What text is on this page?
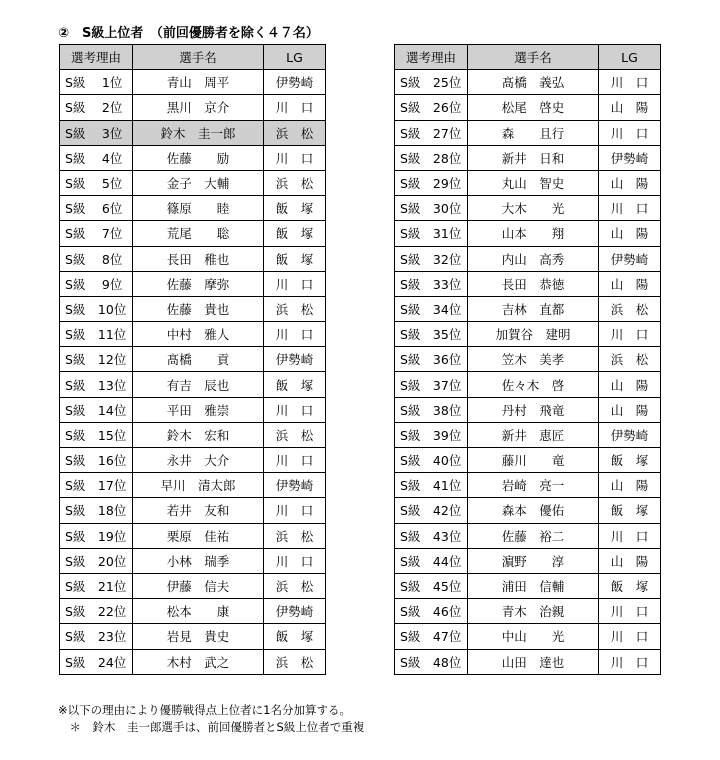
②　S級上位者　（前回優勝者を除く４７名）
選考理由	選手名	LG
S級　 1位	青山　周平	伊勢崎
S級　 2位	黒川　京介	川　口
S級　 3位	鈴木　圭一郎	浜　松
S級　 4位	佐藤　　励	川　口
S級　 5位	金子　大輔	浜　松
S級　 6位	篠原　　睦	飯　塚
S級　 7位	荒尾　　聡	飯　塚
S級　 8位	長田　稚也	飯　塚
S級　 9位	佐藤　摩弥	川　口
S級　10位	佐藤　貴也	浜　松
S級　11位	中村　雅人	川　口
S級　12位	髙橋　　貢	伊勢崎
S級　13位	有吉　辰也	飯　塚
S級　14位	平田　雅崇	川　口
S級　15位	鈴木　宏和	浜　松
S級　16位	永井　大介	川　口
S級　17位	早川　清太郎	伊勢崎
S級　18位	若井　友和	川　口
S級　19位	栗原　佳祐	浜　松
S級　20位	小林　瑞季	川　口
S級　21位	伊藤　信夫	浜　松
S級　22位	松本　　康	伊勢崎
S級　23位	岩見　貴史	飯　塚
S級　24位	木村　武之	浜　松
選考理由	選手名	LG
S級　25位	髙橋　義弘	川　口
S級　26位	松尾　啓史	山　陽
S級　27位	森　　且行	川　口
S級　28位	新井　日和	伊勢崎
S級　29位	丸山　智史	山　陽
S級　30位	大木　　光	川　口
S級　31位	山本　　翔	山　陽
S級　32位	内山　高秀	伊勢崎
S級　33位	長田　恭徳	山　陽
S級　34位	吉林　直都	浜　松
S級　35位	加賀谷　建明	川　口
S級　36位	笠木　美孝	浜　松
S級　37位	佐々木　啓	山　陽
S級　38位	丹村　飛竜	山　陽
S級　39位	新井　恵匠	伊勢崎
S級　40位	藤川　　竜	飯　塚
S級　41位	岩崎　亮一	山　陽
S級　42位	森本　優佑	飯　塚
S級　43位	佐藤　裕二	川　口
S級　44位	濵野　　淳	山　陽
S級　45位	浦田　信輔	飯　塚
S級　46位	青木　治親	川　口
S級　47位	中山　　光	川　口
S級　48位	山田　達也	川　口
※以下の理由により優勝戦得点上位者に1名分加算する。
　＊　鈴木　圭一郎選手は、前回優勝者とS級上位者で重複
